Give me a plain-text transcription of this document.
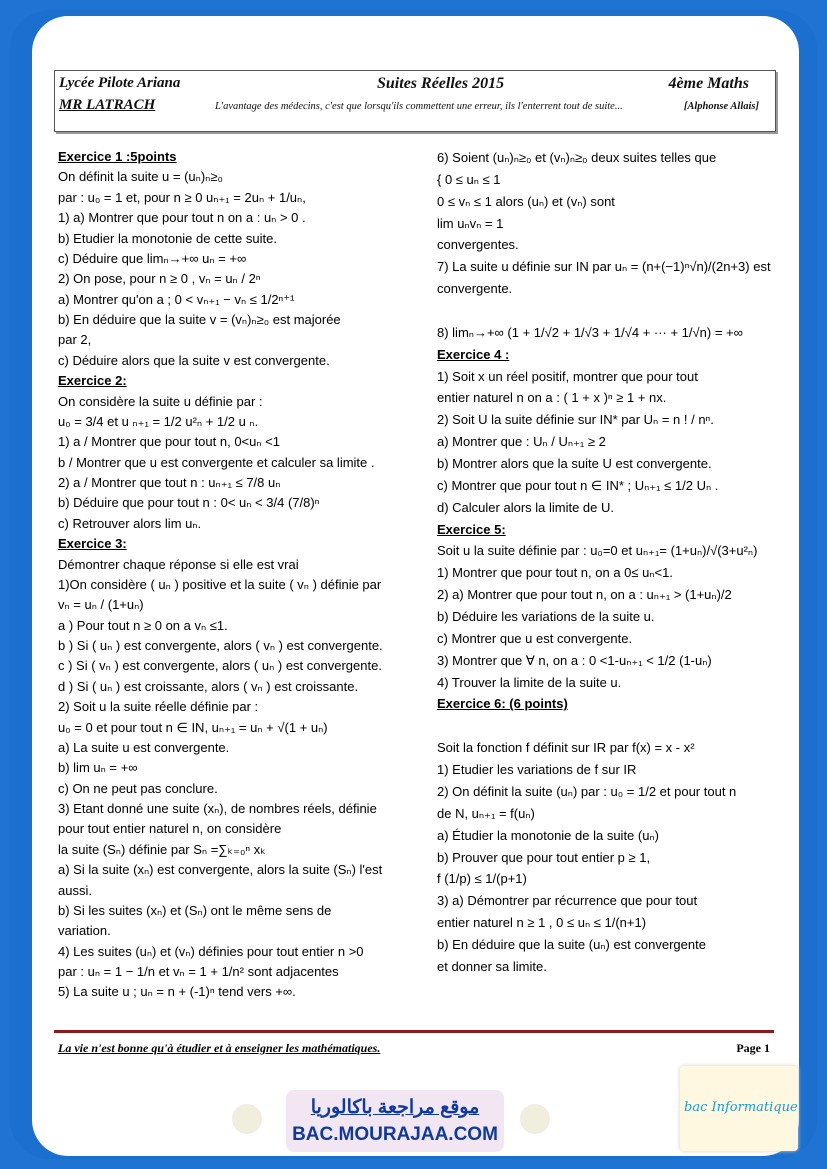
Lycée Pilote Ariana	Suites Réelles 2015	4ème Maths
MR LATRACH	L'avantage des médecins, c'est que lorsqu'ils commettent une erreur, ils l'enterrent tout de suite...	[Alphonse Allais]

Exercice 1 :5points

On définit la suite u = (uₙ)ₙ≥₀

par : u₀ = 1 et, pour n ≥ 0 uₙ₊₁ = 2uₙ + 1/uₙ,

1) a) Montrer que pour tout n on a : uₙ > 0 .

b) Etudier la monotonie de cette suite.

c) Déduire que limₙ→+∞ uₙ = +∞

2) On pose, pour n ≥ 0 , vₙ = uₙ / 2ⁿ

a) Montrer qu'on a ; 0 < vₙ₊₁ − vₙ ≤ 1/2ⁿ⁺¹

b) En déduire que la suite v = (vₙ)ₙ≥₀ est majorée

par 2,

c) Déduire alors que la suite v est convergente.

Exercice 2:

On considère la suite u définie par :

u₀ = 3/4 et u ₙ₊₁ = 1/2 u²ₙ + 1/2 u ₙ.

1) a / Montrer que pour tout n, 0<uₙ <1

b / Montrer que u est convergente et calculer sa limite .

2) a / Montrer que tout n : uₙ₊₁ ≤ 7/8 uₙ

b) Déduire que pour tout n : 0< uₙ < 3/4 (7/8)ⁿ

c) Retrouver alors lim uₙ.

Exercice 3:

Démontrer chaque réponse si elle est vrai

1)On considère ( uₙ ) positive et la suite ( vₙ ) définie par

vₙ = uₙ / (1+uₙ)

a ) Pour tout n ≥ 0 on a vₙ ≤1.

b ) Si ( uₙ ) est convergente, alors ( vₙ ) est convergente.

c ) Si ( vₙ ) est convergente, alors ( uₙ ) est convergente.

d ) Si ( uₙ ) est croissante, alors ( vₙ ) est croissante.

2) Soit u la suite réelle définie par :

u₀ = 0 et pour tout n ∈ IN, uₙ₊₁ = uₙ + √(1 + uₙ)

a) La suite u est convergente.

b) lim uₙ = +∞

c) On ne peut pas conclure.

3) Etant donné une suite (xₙ), de nombres réels, définie

pour tout entier naturel n, on considère

la suite (Sₙ) définie par Sₙ =∑ₖ₌₀ⁿ xₖ

a) Si la suite (xₙ) est convergente, alors la suite (Sₙ) l'est

aussi.

b) Si les suites (xₙ) et (Sₙ) ont le même sens de

variation.

4) Les suites (uₙ) et (vₙ) définies pour tout entier n >0

par : uₙ = 1 − 1/n et vₙ = 1 + 1/n² sont adjacentes

5) La suite u ; uₙ = n + (-1)ⁿ tend vers +∞.

6) Soient (uₙ)ₙ≥₀ et (vₙ)ₙ≥₀ deux suites telles que

{ 0 ≤ uₙ ≤ 1

0 ≤ vₙ ≤ 1 alors (uₙ) et (vₙ) sont

lim uₙvₙ = 1

convergentes.

7) La suite u définie sur IN par uₙ = (n+(−1)ⁿ√n)/(2n+3) est

convergente.

8) limₙ→+∞ (1 + 1/√2 + 1/√3 + 1/√4 + ··· + 1/√n) = +∞

Exercice 4 :

1) Soit x un réel positif, montrer que pour tout

entier naturel n on a : ( 1 + x )ⁿ ≥ 1 + nx.

2) Soit U la suite définie sur IN* par Uₙ = n ! / nⁿ.

a) Montrer que : Uₙ / Uₙ₊₁ ≥ 2

b) Montrer alors que la suite U est convergente.

c) Montrer que pour tout n ∈ IN* ; Uₙ₊₁ ≤ 1/2 Uₙ .

d) Calculer alors la limite de U.

Exercice 5:

Soit u la suite définie par : u₀=0 et uₙ₊₁= (1+uₙ)/√(3+u²ₙ)

1) Montrer que pour tout n, on a 0≤ uₙ<1.

2) a) Montrer que pour tout n, on a : uₙ₊₁ > (1+uₙ)/2

b) Déduire les variations de la suite u.

c) Montrer que u est convergente.

3) Montrer que ∀ n, on a : 0 <1-uₙ₊₁ < 1/2 (1-uₙ)

4) Trouver la limite de la suite u.

Exercice 6: (6 points)

Soit la fonction f définit sur IR par f(x) = x - x²

1) Etudier les variations de f sur IR

2) On définit la suite (uₙ) par : u₀ = 1/2 et pour tout n

de N, uₙ₊₁ = f(uₙ)

a) Étudier la monotonie de la suite (uₙ)

b) Prouver que pour tout entier p ≥ 1,

f (1/p) ≤ 1/(p+1)

3) a) Démontrer par récurrence que pour tout

entier naturel n ≥ 1 , 0 ≤ uₙ ≤ 1/(n+1)

b) En déduire que la suite (uₙ) est convergente

et donner sa limite.

La vie n'est bonne qu'à étudier et à enseigner les mathématiques.	Page 1
موقع مراجعة باكالوريا
BAC.MOURAJAA.COM
bac Informatique
